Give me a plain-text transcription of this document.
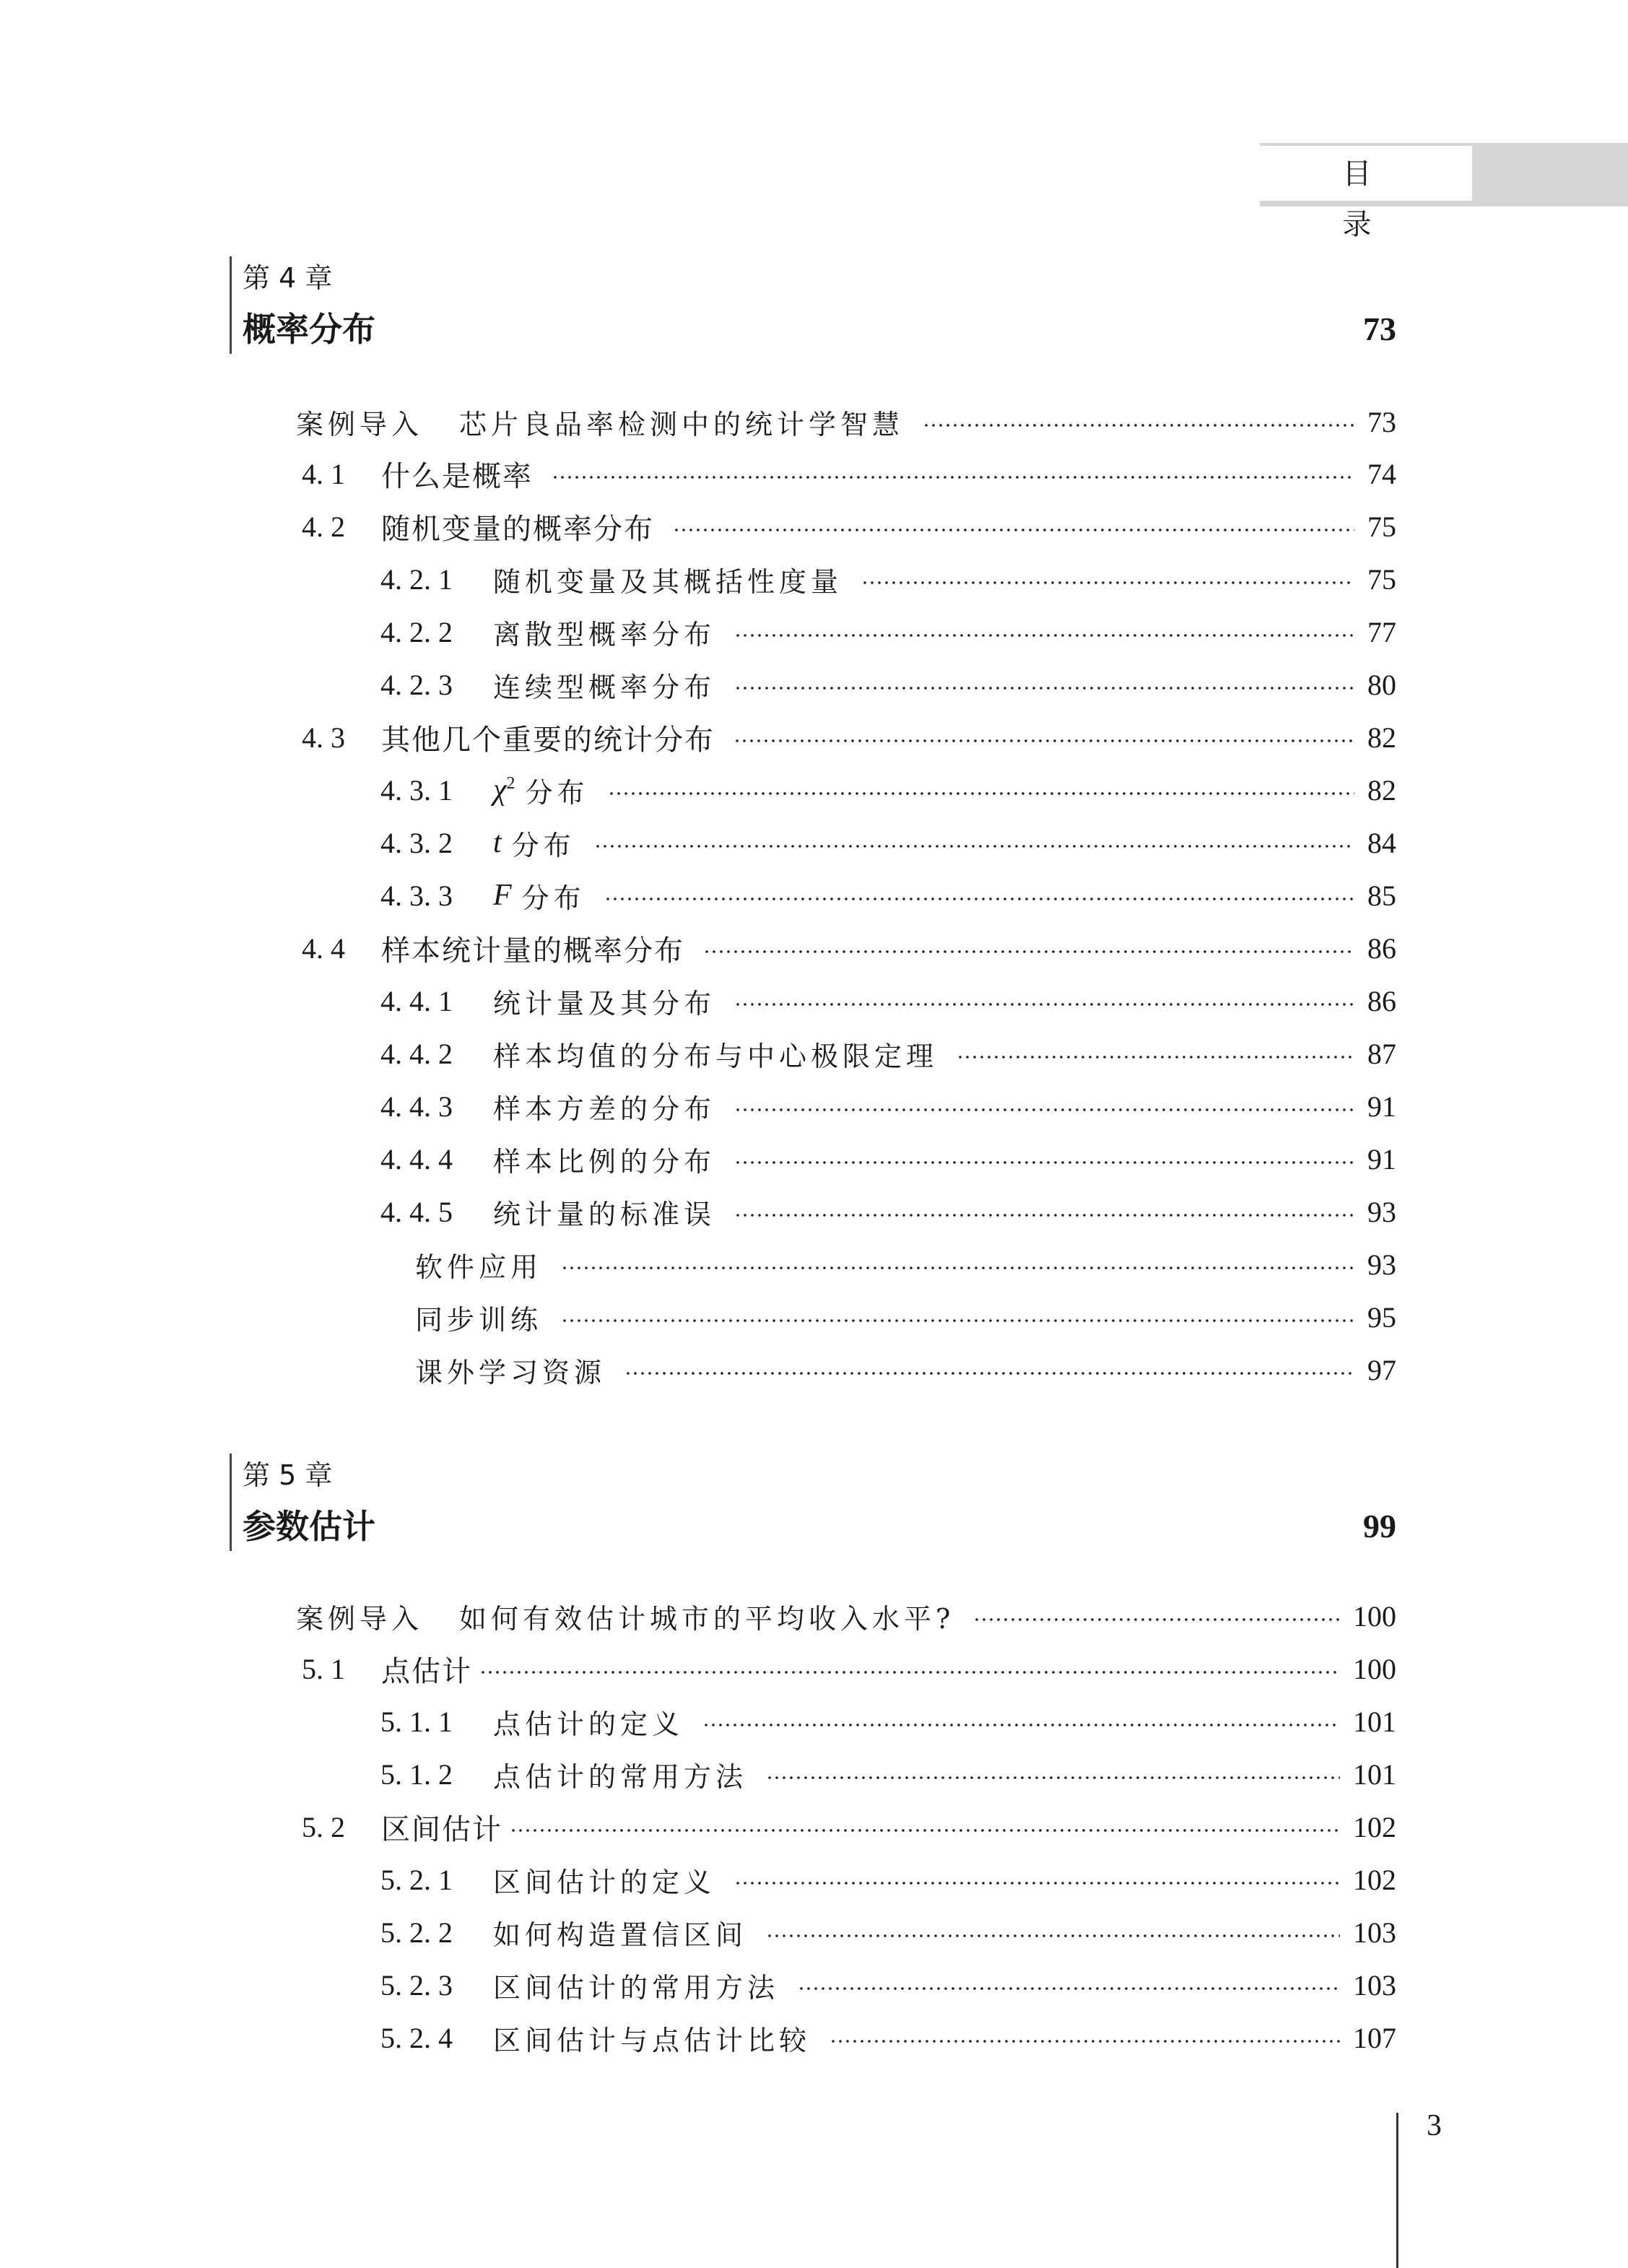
目　录
第 4 章
概率分布	73
案例导入 芯片良品率检测中的统计学智慧	73
4. 1	什么是概率	74
4. 2	随机变量的概率分布	75
4. 2. 1	随机变量及其概括性度量	75
4. 2. 2	离散型概率分布	77
4. 2. 3	连续型概率分布	80
4. 3	其他几个重要的统计分布	82
4. 3. 1	$\chi^2$ 分布	82
4. 3. 2	t 分布	84
4. 3. 3	F 分布	85
4. 4	样本统计量的概率分布	86
4. 4. 1	统计量及其分布	86
4. 4. 2	样本均值的分布与中心极限定理	87
4. 4. 3	样本方差的分布	91
4. 4. 4	样本比例的分布	91
4. 4. 5	统计量的标准误	93
软件应用	93
同步训练	95
课外学习资源	97
第 5 章
参数估计	99
案例导入 如何有效估计城市的平均收入水平?	100
5. 1	点估计	100
5. 1. 1	点估计的定义	101
5. 1. 2	点估计的常用方法	101
5. 2	区间估计	102
5. 2. 1	区间估计的定义	102
5. 2. 2	如何构造置信区间	103
5. 2. 3	区间估计的常用方法	103
5. 2. 4	区间估计与点估计比较	107
3
